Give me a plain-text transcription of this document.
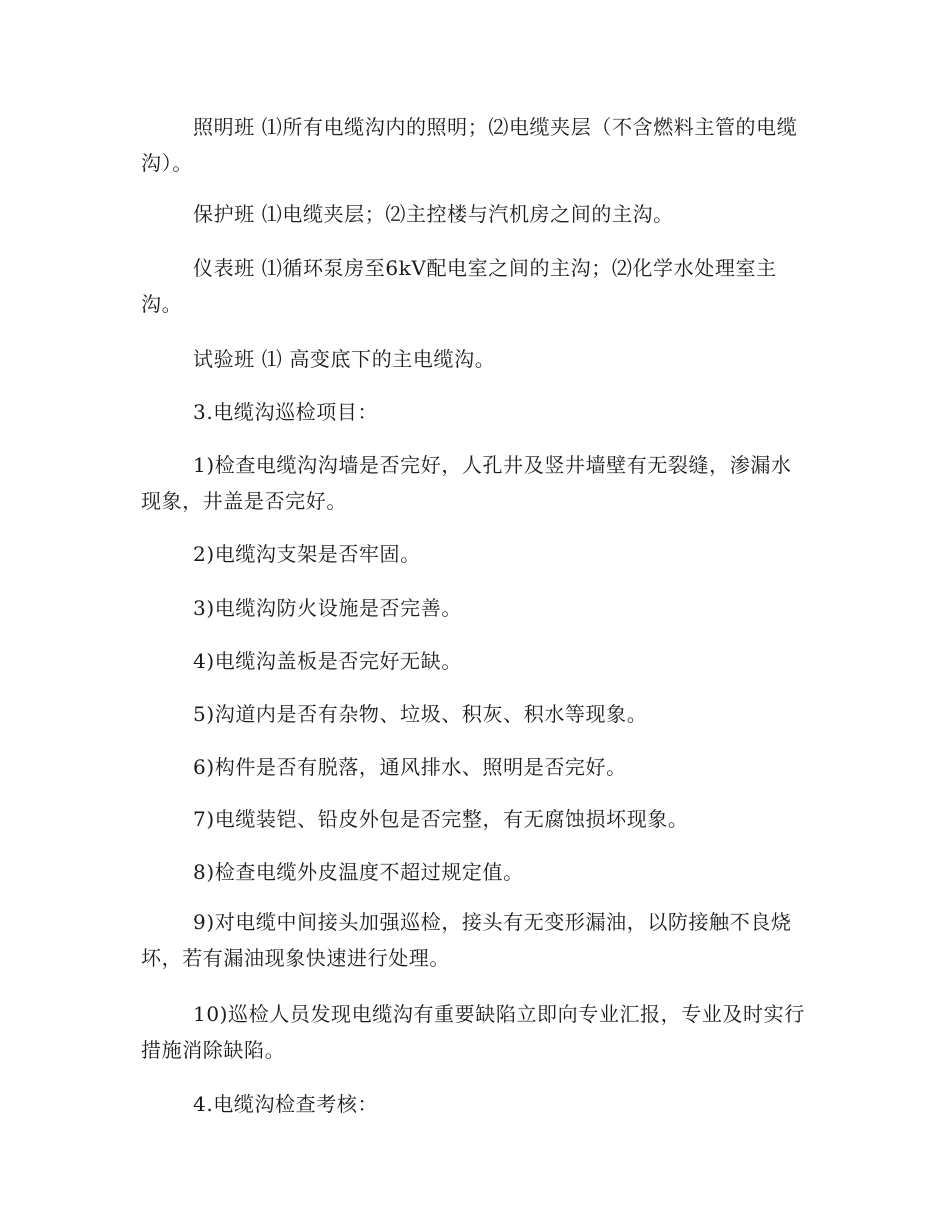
照明班 ⑴所有电缆沟内的照明；⑵电缆夹层（不含燃料主管的电缆沟）。

保护班 ⑴电缆夹层；⑵主控楼与汽机房之间的主沟。

仪表班 ⑴循环泵房至6kV配电室之间的主沟；⑵化学水处理室主沟。

试验班 ⑴ 高变底下的主电缆沟。

3.电缆沟巡检项目：

1)检查电缆沟沟墙是否完好，人孔井及竖井墙壁有无裂缝，渗漏水现象，井盖是否完好。

2)电缆沟支架是否牢固。

3)电缆沟防火设施是否完善。

4)电缆沟盖板是否完好无缺。

5)沟道内是否有杂物、垃圾、积灰、积水等现象。

6)构件是否有脱落，通风排水、照明是否完好。

7)电缆装铠、铅皮外包是否完整，有无腐蚀损坏现象。

8)检查电缆外皮温度不超过规定值。

9)对电缆中间接头加强巡检，接头有无变形漏油，以防接触不良烧坏，若有漏油现象快速进行处理。

10)巡检人员发现电缆沟有重要缺陷立即向专业汇报，专业及时实行措施消除缺陷。

4.电缆沟检查考核：
